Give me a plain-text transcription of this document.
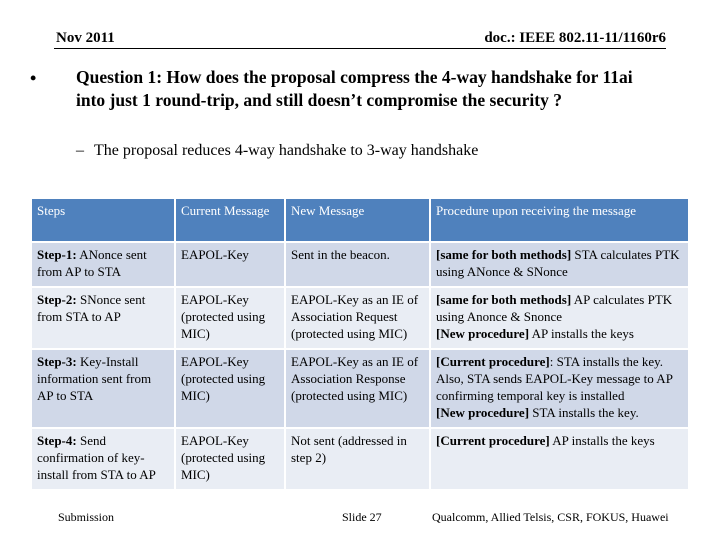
Nov 2011	doc.: IEEE 802.11-11/1160r6
• Question 1: How does the proposal compress the 4-way handshake for 11ai into just 1 round-trip, and still doesn’t compromise the security ?
– The proposal reduces 4-way handshake to 3-way handshake
Steps	Current Message	New Message	Procedure upon receiving the message
Step-1: ANonce sent from AP to STA	EAPOL-Key	Sent in the beacon.	[same for both methods] STA calculates PTK using ANonce & SNonce

Step-2: SNonce sent from STA to AP	EAPOL-Key (protected using MIC)	EAPOL-Key as an IE of Association Request (protected using MIC)	[same for both methods] AP calculates PTK using Anonce & Snonce
[New procedure] AP installs the keys

Step-3: Key-Install information sent from AP to STA	EAPOL-Key (protected using MIC)	EAPOL-Key as an IE of Association Response (protected using MIC)	[Current procedure]: STA installs the key. Also, STA sends EAPOL-Key message to AP confirming temporal key is installed
[New procedure] STA installs the key.

Step-4: Send confirmation of key-install from STA to AP	EAPOL-Key (protected using MIC)	Not sent (addressed in step 2)	[Current procedure] AP installs the keys
Submission	Slide 27	Qualcomm, Allied Telsis, CSR, FOKUS, Huawei
